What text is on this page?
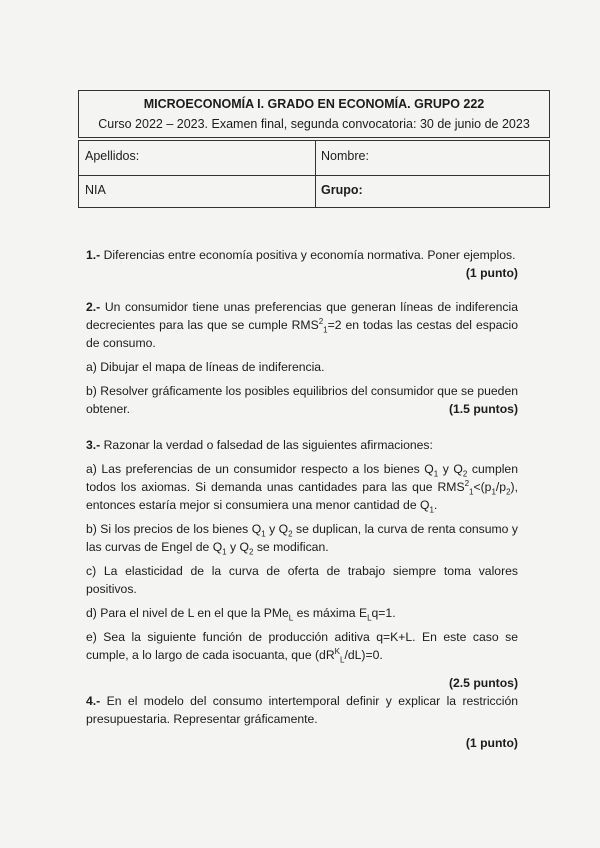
MICROECONOMÍA I. GRADO EN ECONOMÍA. GRUPO 222
Curso 2022 – 2023. Examen final, segunda convocatoria: 30 de junio de 2023
Apellidos:	Nombre:
NIA	Grupo:

1.- Diferencias entre economía positiva y economía normativa. Poner ejemplos.

(1 punto)

2.- Un consumidor tiene unas preferencias que generan líneas de indiferencia decrecientes para las que se cumple $RMS^2_1=2$ en todas las cestas del espacio de consumo.

a) Dibujar el mapa de líneas de indiferencia.

b) Resolver gráficamente los posibles equilibrios del consumidor que se pueden obtener.	(1.5 puntos)

3.- Razonar la verdad o falsedad de las siguientes afirmaciones:

a) Las preferencias de un consumidor respecto a los bienes $Q_1$ y $Q_2$ cumplen todos los axiomas. Si demanda unas cantidades para las que $RMS^2_1<(p_1/p_2)$, entonces estaría mejor si consumiera una menor cantidad de $Q_1$.

b) Si los precios de los bienes $Q_1$ y $Q_2$ se duplican, la curva de renta consumo y las curvas de Engel de $Q_1$ y $Q_2$ se modifican.

c) La elasticidad de la curva de oferta de trabajo siempre toma valores positivos.

d) Para el nivel de L en el que la PMe$_L$ es máxima $E_Lq=1$.

e) Sea la siguiente función de producción aditiva q=K+L. En este caso se cumple, a lo largo de cada isocuanta, que $(dR^K_L/dL)=0$.

(2.5 puntos)

4.- En el modelo del consumo intertemporal definir y explicar la restricción presupuestaria. Representar gráficamente.

(1 punto)
